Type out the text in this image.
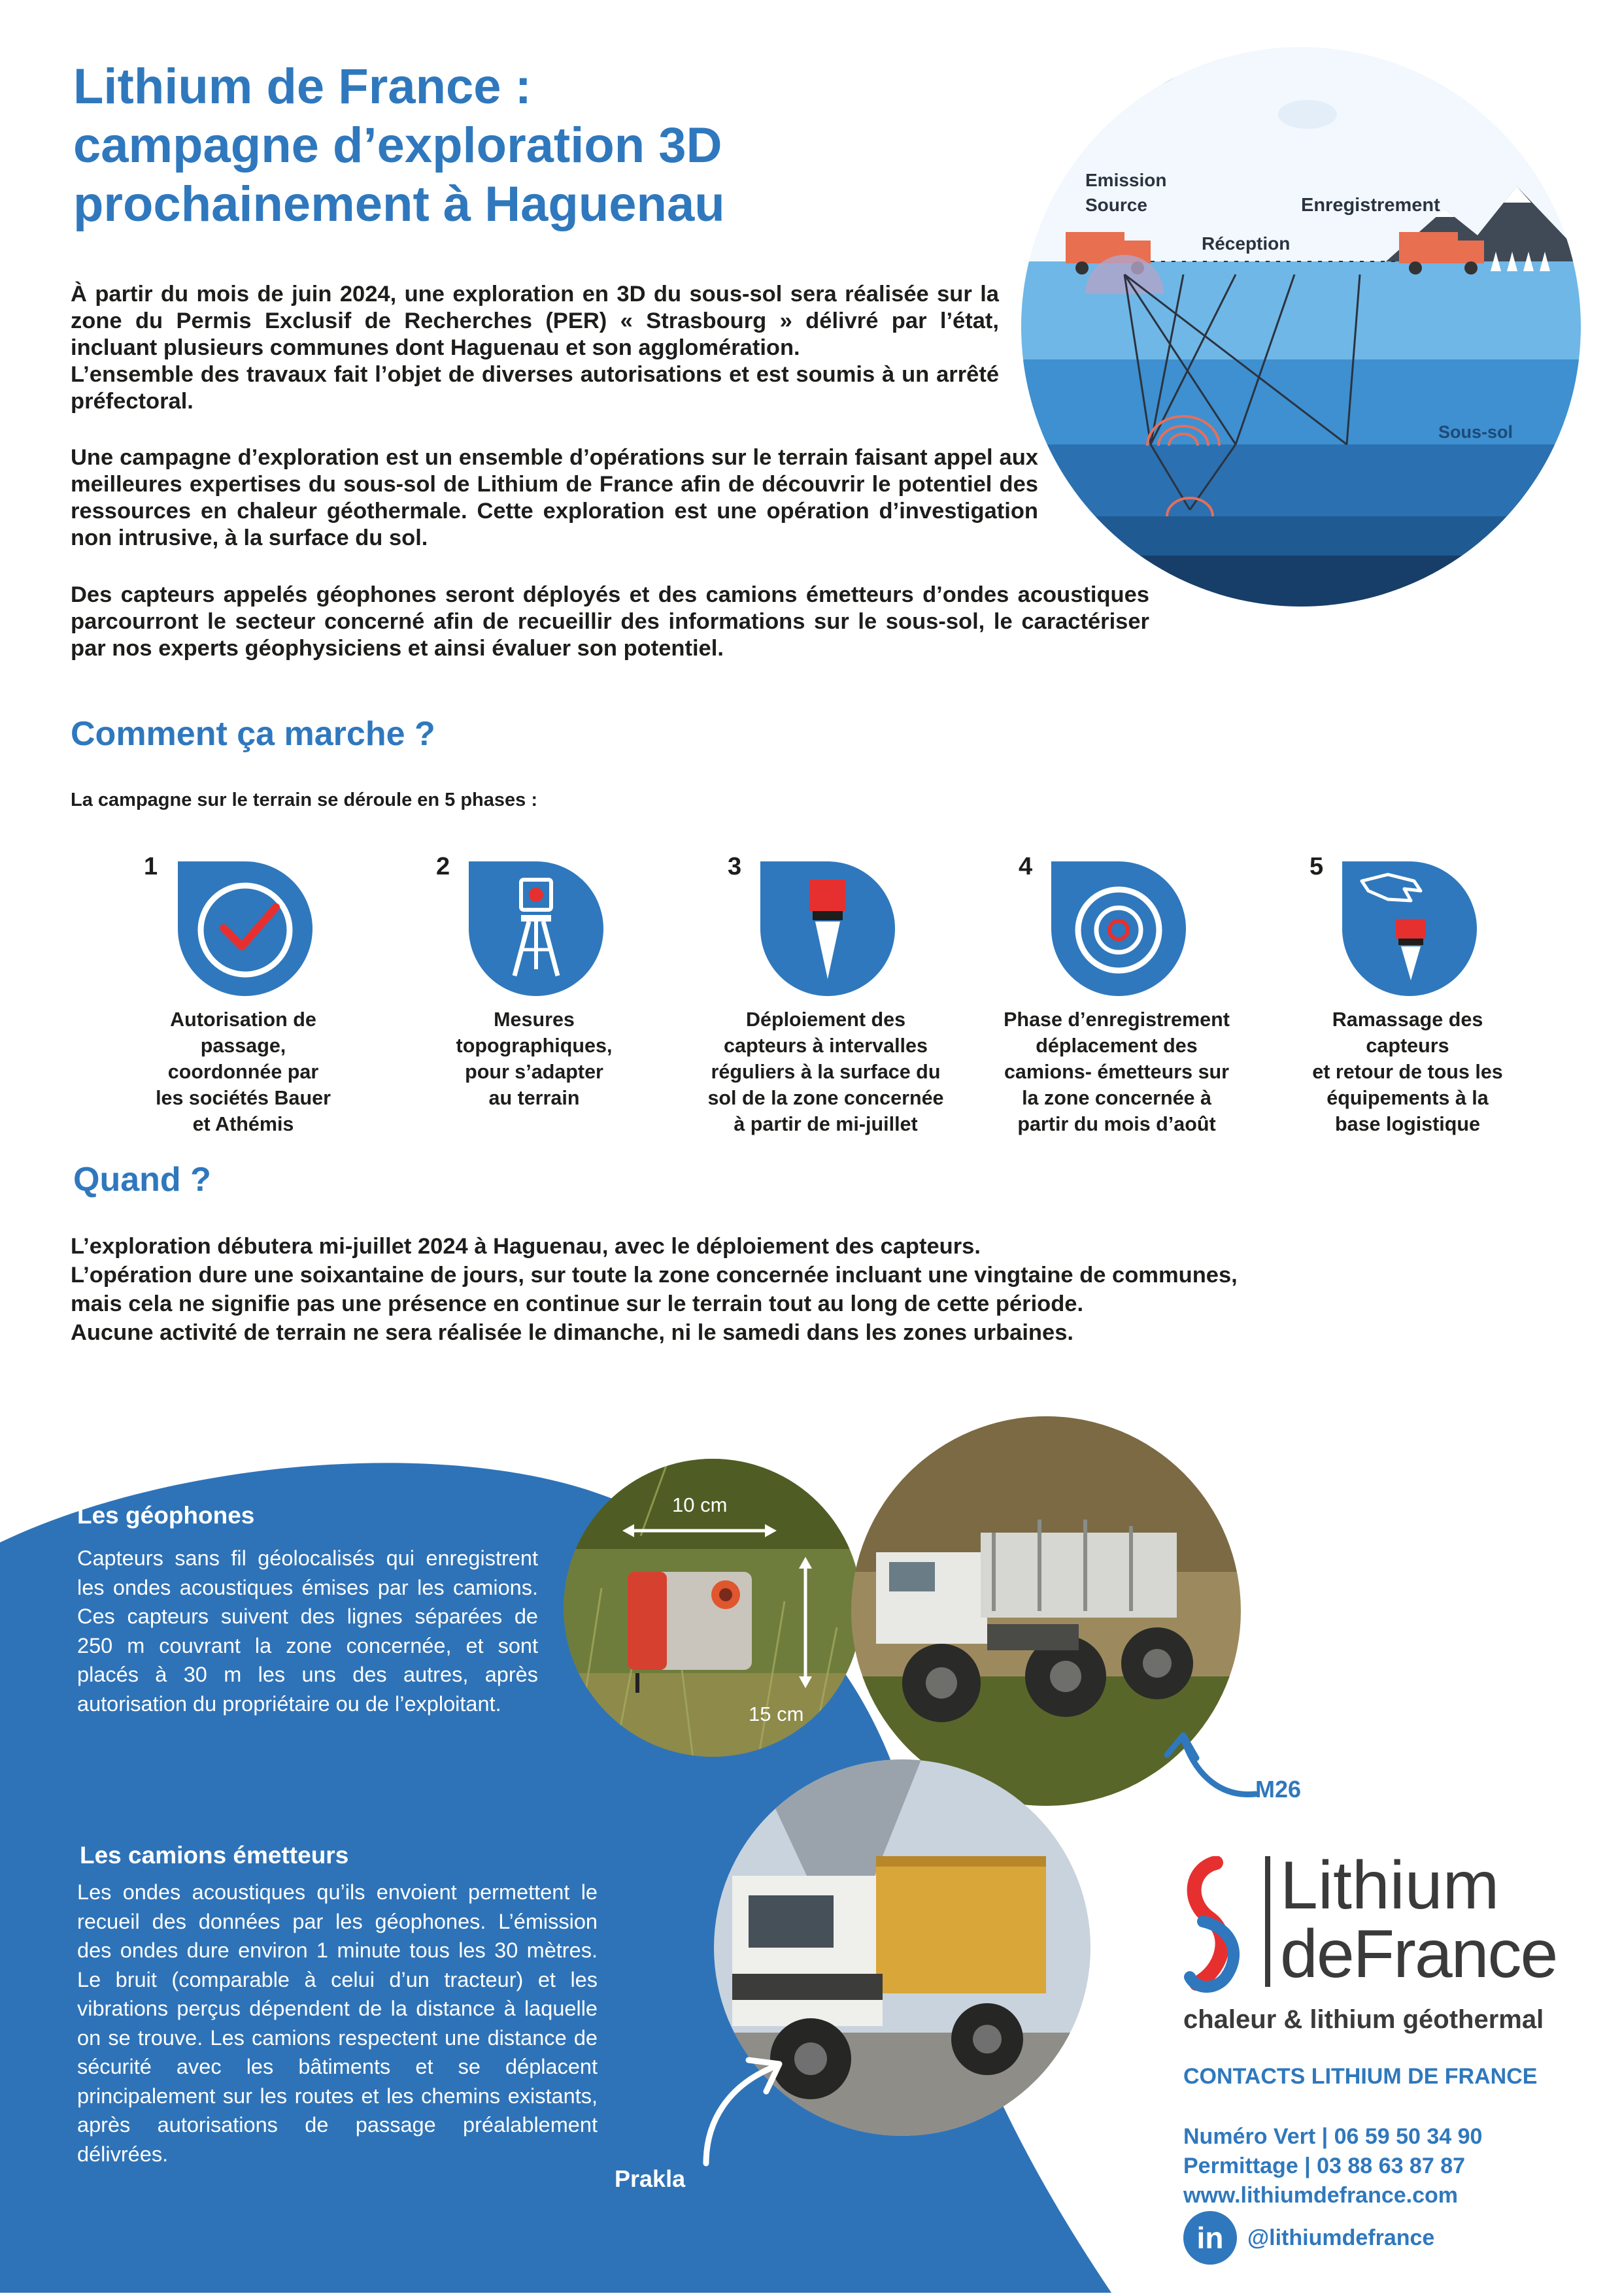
Lithium de France :
campagne d’exploration 3D
prochainement à Haguenau	Emission
Source	Enregistrement
Réception
Sous-sol

À partir du mois de juin 2024, une exploration en 3D du sous-sol sera réalisée sur la zone du Permis Exclusif de Recherches (PER) « Strasbourg » délivré par l’état, incluant plusieurs communes dont Haguenau et son agglomération.

L’ensemble des travaux fait l’objet de diverses autorisations et est soumis à un arrêté préfectoral.

Une campagne d’exploration est un ensemble d’opérations sur le terrain faisant appel aux meilleures expertises du sous-sol de Lithium de France afin de découvrir le potentiel des ressources en chaleur géothermale. Cette exploration est une opération d’investigation non intrusive, à la surface du sol.

Des capteurs appelés géophones seront déployés et des camions émetteurs d’ondes acoustiques parcourront le secteur concerné afin de recueillir des informations sur le sous-sol, le caractériser par nos experts géophysiciens et ainsi évaluer son potentiel.

Comment ça marche ?
La campagne sur le terrain se déroule en 5 phases :
1
Autorisation de
passage,
coordonnée par
les sociétés Bauer
et Athémis
2
Mesures
topographiques,
pour s’adapter
au terrain
3
Déploiement des
capteurs à intervalles
réguliers à la surface du
sol de la zone concernée
à partir de mi-juillet
4
Phase d’enregistrement
déplacement des
camions- émetteurs sur
la zone concernée à
partir du mois d’août
5
Ramassage des
capteurs
et retour de tous les
équipements à la
base logistique
Quand ?

L’exploration débutera mi-juillet 2024 à Haguenau, avec le déploiement des capteurs.

L’opération dure une soixantaine de jours, sur toute la zone concernée incluant une vingtaine de communes,

mais cela ne signifie pas une présence en continue sur le terrain tout au long de cette période.

Aucune activité de terrain ne sera réalisée le dimanche, ni le samedi dans les zones urbaines.

Les géophones
Capteurs sans fil géolocalisés qui enregistrent les ondes acoustiques émises par les camions. Ces capteurs suivent des lignes séparées de 250 m couvrant la zone concernée, et sont placés à 30 m les uns des autres, après autorisation du propriétaire ou de l’exploitant.
Les camions émetteurs
Les ondes acoustiques qu’ils envoient permettent le recueil des données par les géophones. L’émission des ondes dure environ 1 minute tous les 30 mètres. Le bruit (comparable à celui d’un tracteur) et les vibrations perçus dépendent de la distance à laquelle on se trouve. Les camions respectent une distance de sécurité avec les bâtiments et se déplacent principalement sur les routes et les chemins existants, après autorisations de passage préalablement délivrées.
10 cm
15 cm
M26
Prakla
Lithium
deFrance
chaleur & lithium géothermal
CONTACTS LITHIUM DE FRANCE
Numéro Vert | 06 59 50 34 90
Permittage | 03 88 63 87 87
www.lithiumdefrance.com
in	@lithiumdefrance
